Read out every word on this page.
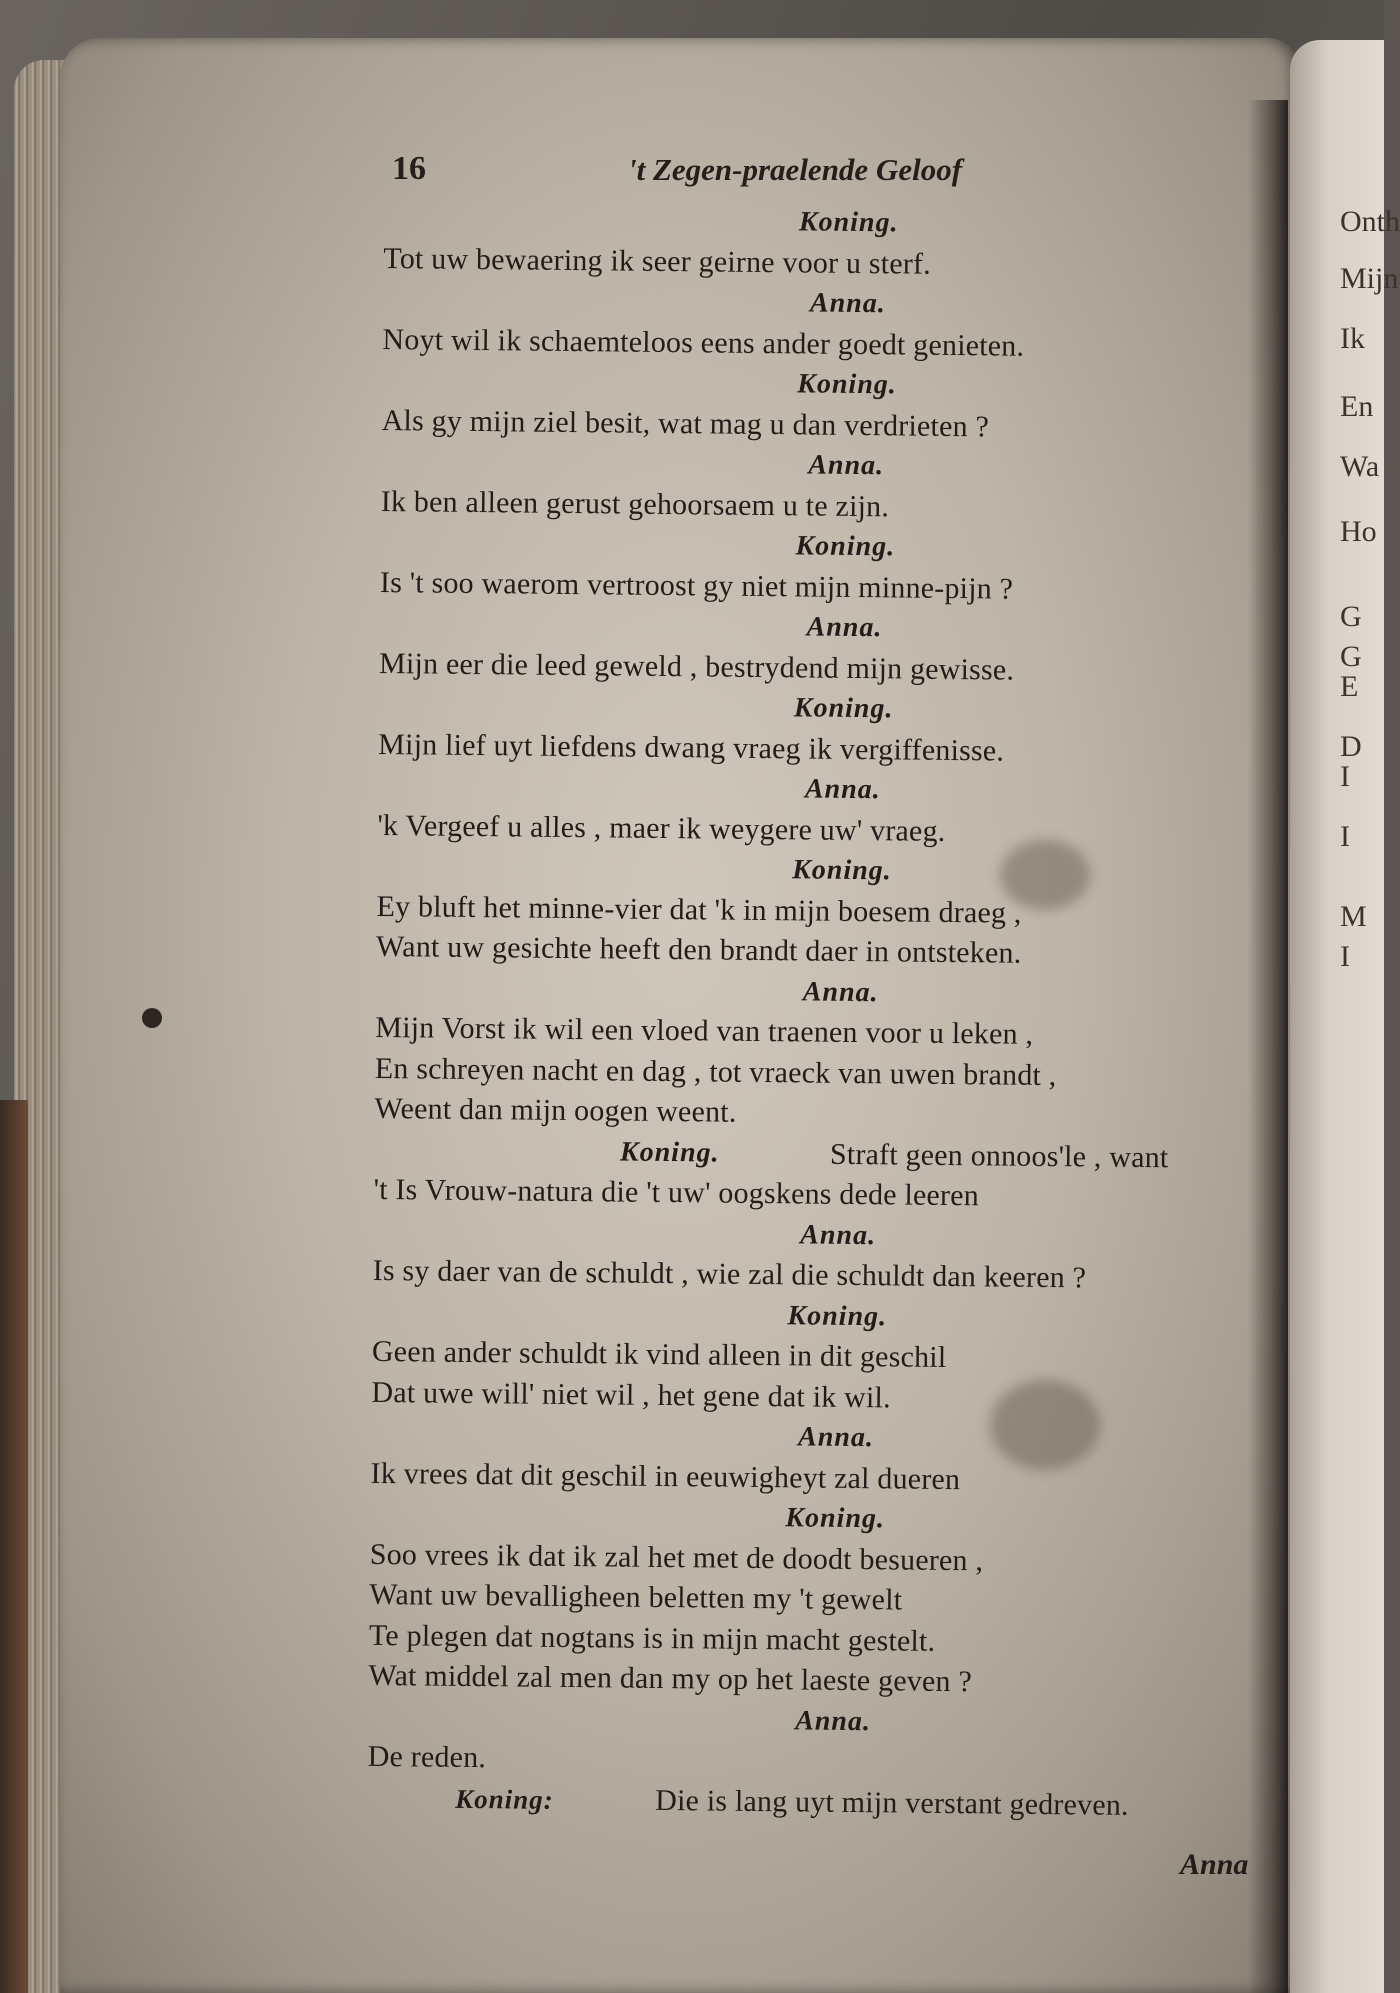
Onth
Mijn
Ik
En
Wa
Ho
G
G
E
D
I
I
M
I
16	't Zegen-praelende Geloof
Koning.
Tot uw bewaering ik seer geirne voor u sterf.
Anna.
Noyt wil ik schaemteloos eens ander goedt genieten.
Koning.
Als gy mijn ziel besit, wat mag u dan verdrieten ?
Anna.
Ik ben alleen gerust gehoorsaem u te zijn.
Koning.
Is 't soo waerom vertroost gy niet mijn minne-pijn ?
Anna.
Mijn eer die leed geweld , bestrydend mijn gewisse.
Koning.
Mijn lief uyt liefdens dwang vraeg ik vergiffenisse.
Anna.
'k Vergeef u alles , maer ik weygere uw' vraeg.
Koning.
Ey bluft het minne-vier dat 'k in mijn boesem draeg ,
Want uw gesichte heeft den brandt daer in ontsteken.
Anna.
Mijn Vorst ik wil een vloed van traenen voor u leken ,
En schreyen nacht en dag , tot vraeck van uwen brandt ,
Weent dan mijn oogen weent.
Koning.	Straft geen onnoos'le , want
't Is Vrouw-natura die 't uw' oogskens dede leeren
Anna.
Is sy daer van de schuldt , wie zal die schuldt dan keeren ?
Koning.
Geen ander schuldt ik vind alleen in dit geschil
Dat uwe will' niet wil , het gene dat ik wil.
Anna.
Ik vrees dat dit geschil in eeuwigheyt zal dueren
Koning.
Soo vrees ik dat ik zal het met de doodt besueren ,
Want uw bevalligheen beletten my 't gewelt
Te plegen dat nogtans is in mijn macht gestelt.
Wat middel zal men dan my op het laeste geven ?
Anna.
De reden.
Koning:	Die is lang uyt mijn verstant gedreven.
Anna
